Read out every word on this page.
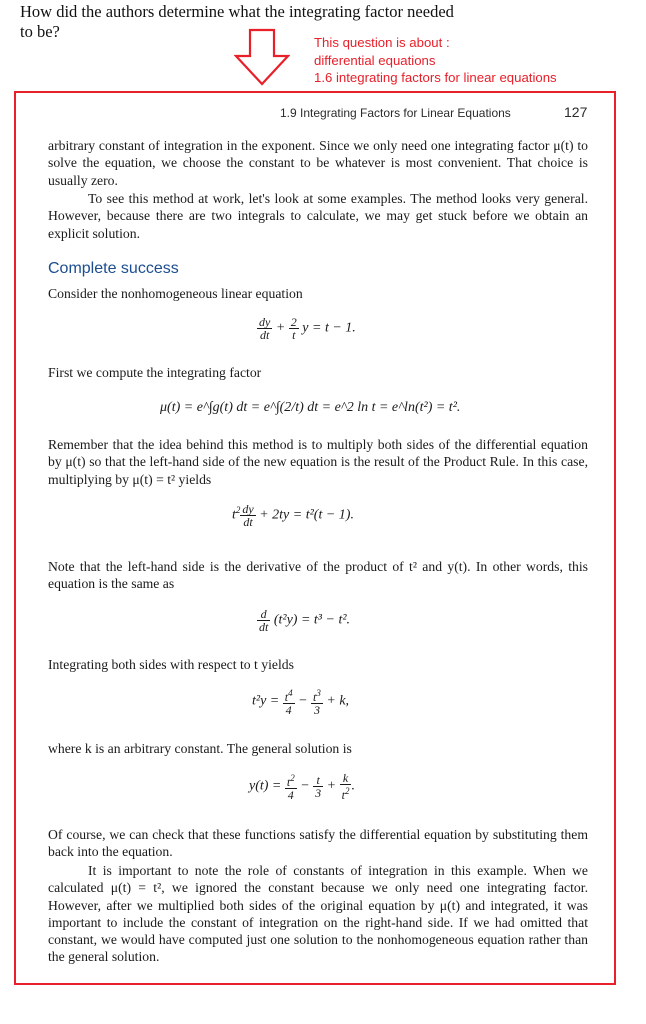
How did the authors determine what the integrating factor needed to be?
This question is about :
differential equations
1.6 integrating factors for linear equations
1.9 Integrating Factors for Linear Equations	127
arbitrary constant of integration in the exponent. Since we only need one integrating factor μ(t) to solve the equation, we choose the constant to be whatever is most convenient. That choice is usually zero.
To see this method at work, let's look at some examples. The method looks very general. However, because there are two integrals to calculate, we may get stuck before we obtain an explicit solution.
Complete success
Consider the nonhomogeneous linear equation
$\frac{dy}{dt} + \frac{2}{t}$ y = t − 1.
First we compute the integrating factor
μ(t) = e^∫g(t) dt = e^∫(2/t) dt = e^2 ln t = e^ln(t²) = t².
Remember that the idea behind this method is to multiply both sides of the differential equation by μ(t) so that the left-hand side of the new equation is the result of the Product Rule. In this case, multiplying by μ(t) = t² yields
$t^2 \frac{dy}{dt} + 2ty = t^2(t - 1)$.
Note that the left-hand side is the derivative of the product of t² and y(t). In other words, this equation is the same as
$\frac{d}{dt} (t^2y) = t^3 - t^2$.
Integrating both sides with respect to t yields
$t^2y = \frac{t^4}{4} - \frac{t^3}{3} + k$,
where k is an arbitrary constant. The general solution is
$y(t) = \frac{t^2}{4} - \frac{t}{3} + \frac{k}{t^2}$ .
Of course, we can check that these functions satisfy the differential equation by substituting them back into the equation.
It is important to note the role of constants of integration in this example. When we calculated μ(t) = t², we ignored the constant because we only need one integrating factor. However, after we multiplied both sides of the original equation by μ(t) and integrated, it was important to include the constant of integration on the right-hand side. If we had omitted that constant, we would have computed just one solution to the nonhomogeneous equation rather than the general solution.
